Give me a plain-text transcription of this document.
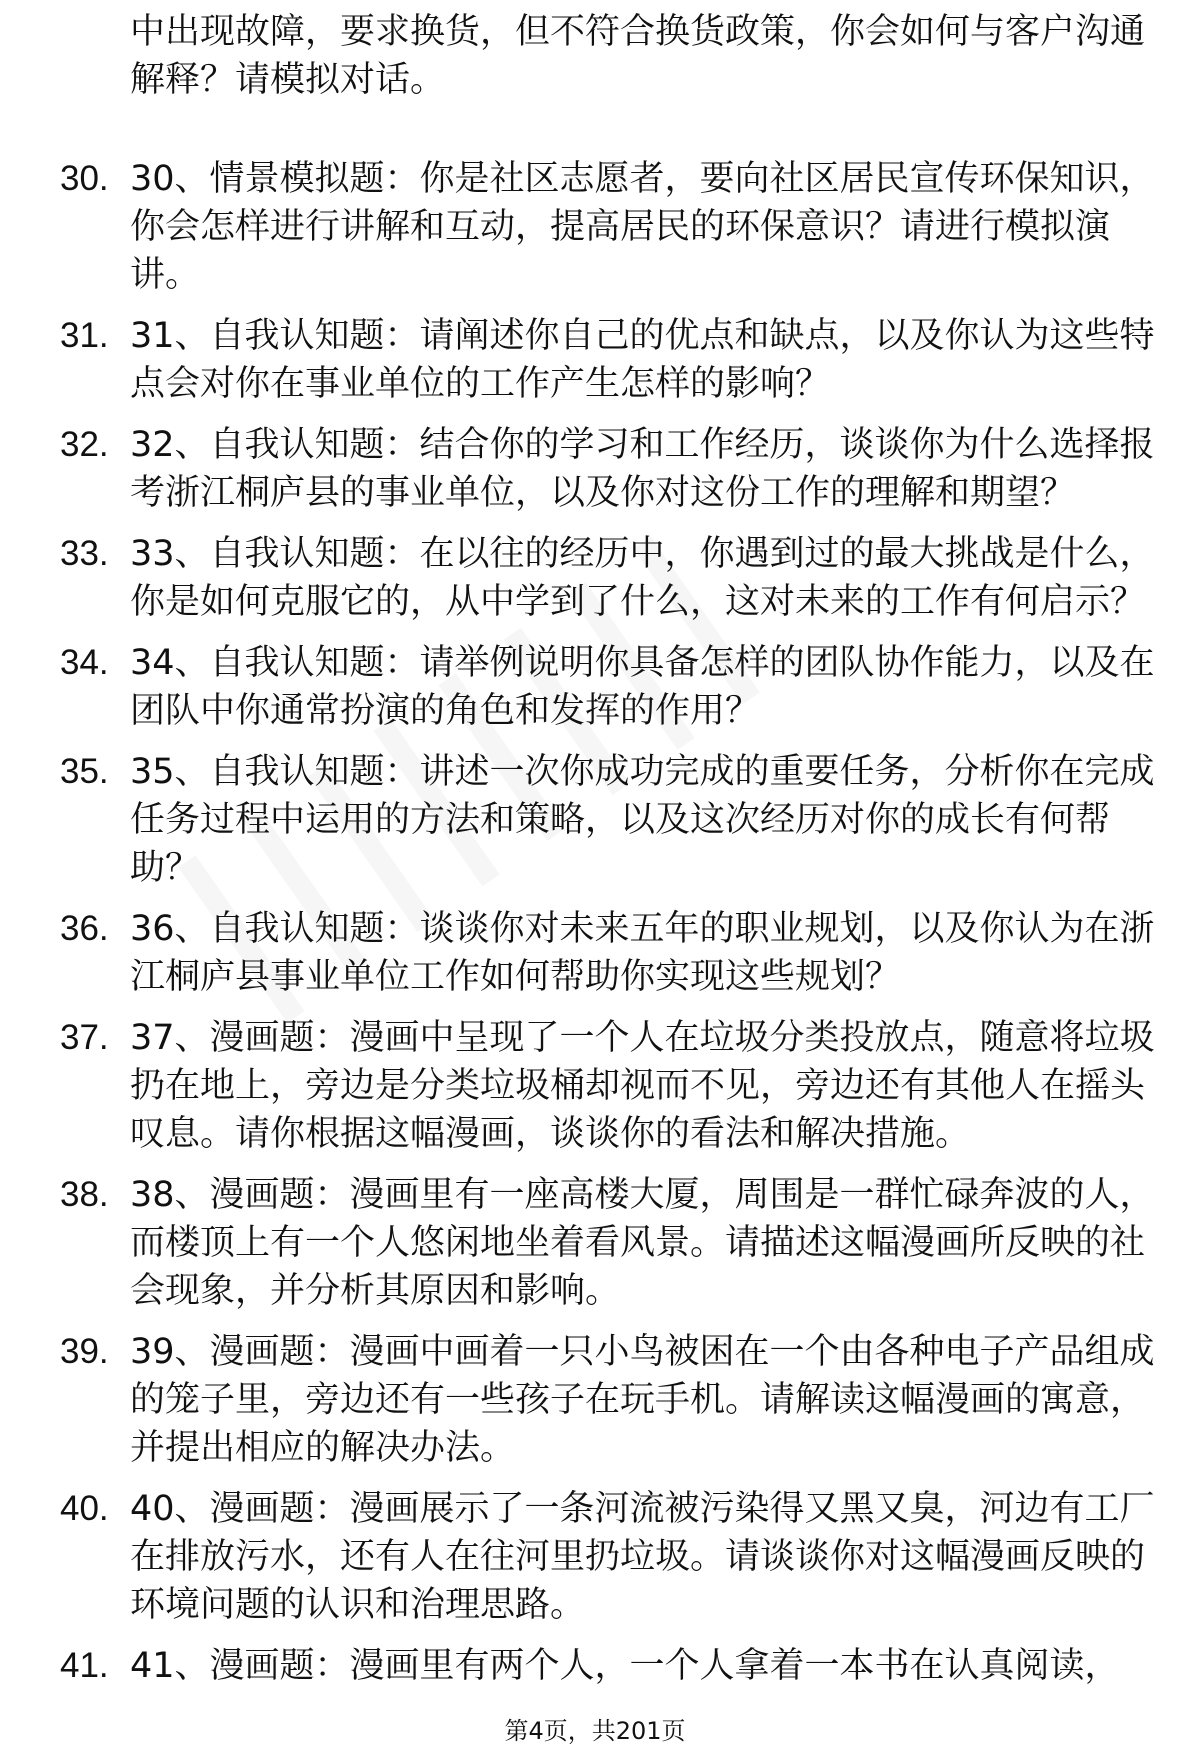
中出现故障，要求换货，但不符合换货政策，你会如何与客户沟通解释？请模拟对话。
30. 30、情景模拟题：你是社区志愿者，要向社区居民宣传环保知识，你会怎样进行讲解和互动，提高居民的环保意识？请进行模拟演讲。
31. 31、自我认知题：请阐述你自己的优点和缺点，以及你认为这些特点会对你在事业单位的工作产生怎样的影响？
32. 32、自我认知题：结合你的学习和工作经历，谈谈你为什么选择报考浙江桐庐县的事业单位，以及你对这份工作的理解和期望？
33. 33、自我认知题：在以往的经历中，你遇到过的最大挑战是什么，你是如何克服它的，从中学到了什么，这对未来的工作有何启示？
34. 34、自我认知题：请举例说明你具备怎样的团队协作能力，以及在团队中你通常扮演的角色和发挥的作用？
35. 35、自我认知题：讲述一次你成功完成的重要任务，分析你在完成任务过程中运用的方法和策略，以及这次经历对你的成长有何帮助？
36. 36、自我认知题：谈谈你对未来五年的职业规划，以及你认为在浙江桐庐县事业单位工作如何帮助你实现这些规划？
37. 37、漫画题：漫画中呈现了一个人在垃圾分类投放点，随意将垃圾扔在地上，旁边是分类垃圾桶却视而不见，旁边还有其他人在摇头叹息。请你根据这幅漫画，谈谈你的看法和解决措施。
38. 38、漫画题：漫画里有一座高楼大厦，周围是一群忙碌奔波的人，而楼顶上有一个人悠闲地坐着看风景。请描述这幅漫画所反映的社会现象，并分析其原因和影响。
39. 39、漫画题：漫画中画着一只小鸟被困在一个由各种电子产品组成的笼子里，旁边还有一些孩子在玩手机。请解读这幅漫画的寓意，并提出相应的解决办法。
40. 40、漫画题：漫画展示了一条河流被污染得又黑又臭，河边有工厂在排放污水，还有人在往河里扔垃圾。请谈谈你对这幅漫画反映的环境问题的认识和治理思路。
41. 41、漫画题：漫画里有两个人，一个人拿着一本书在认真阅读，
第4页，共201页
